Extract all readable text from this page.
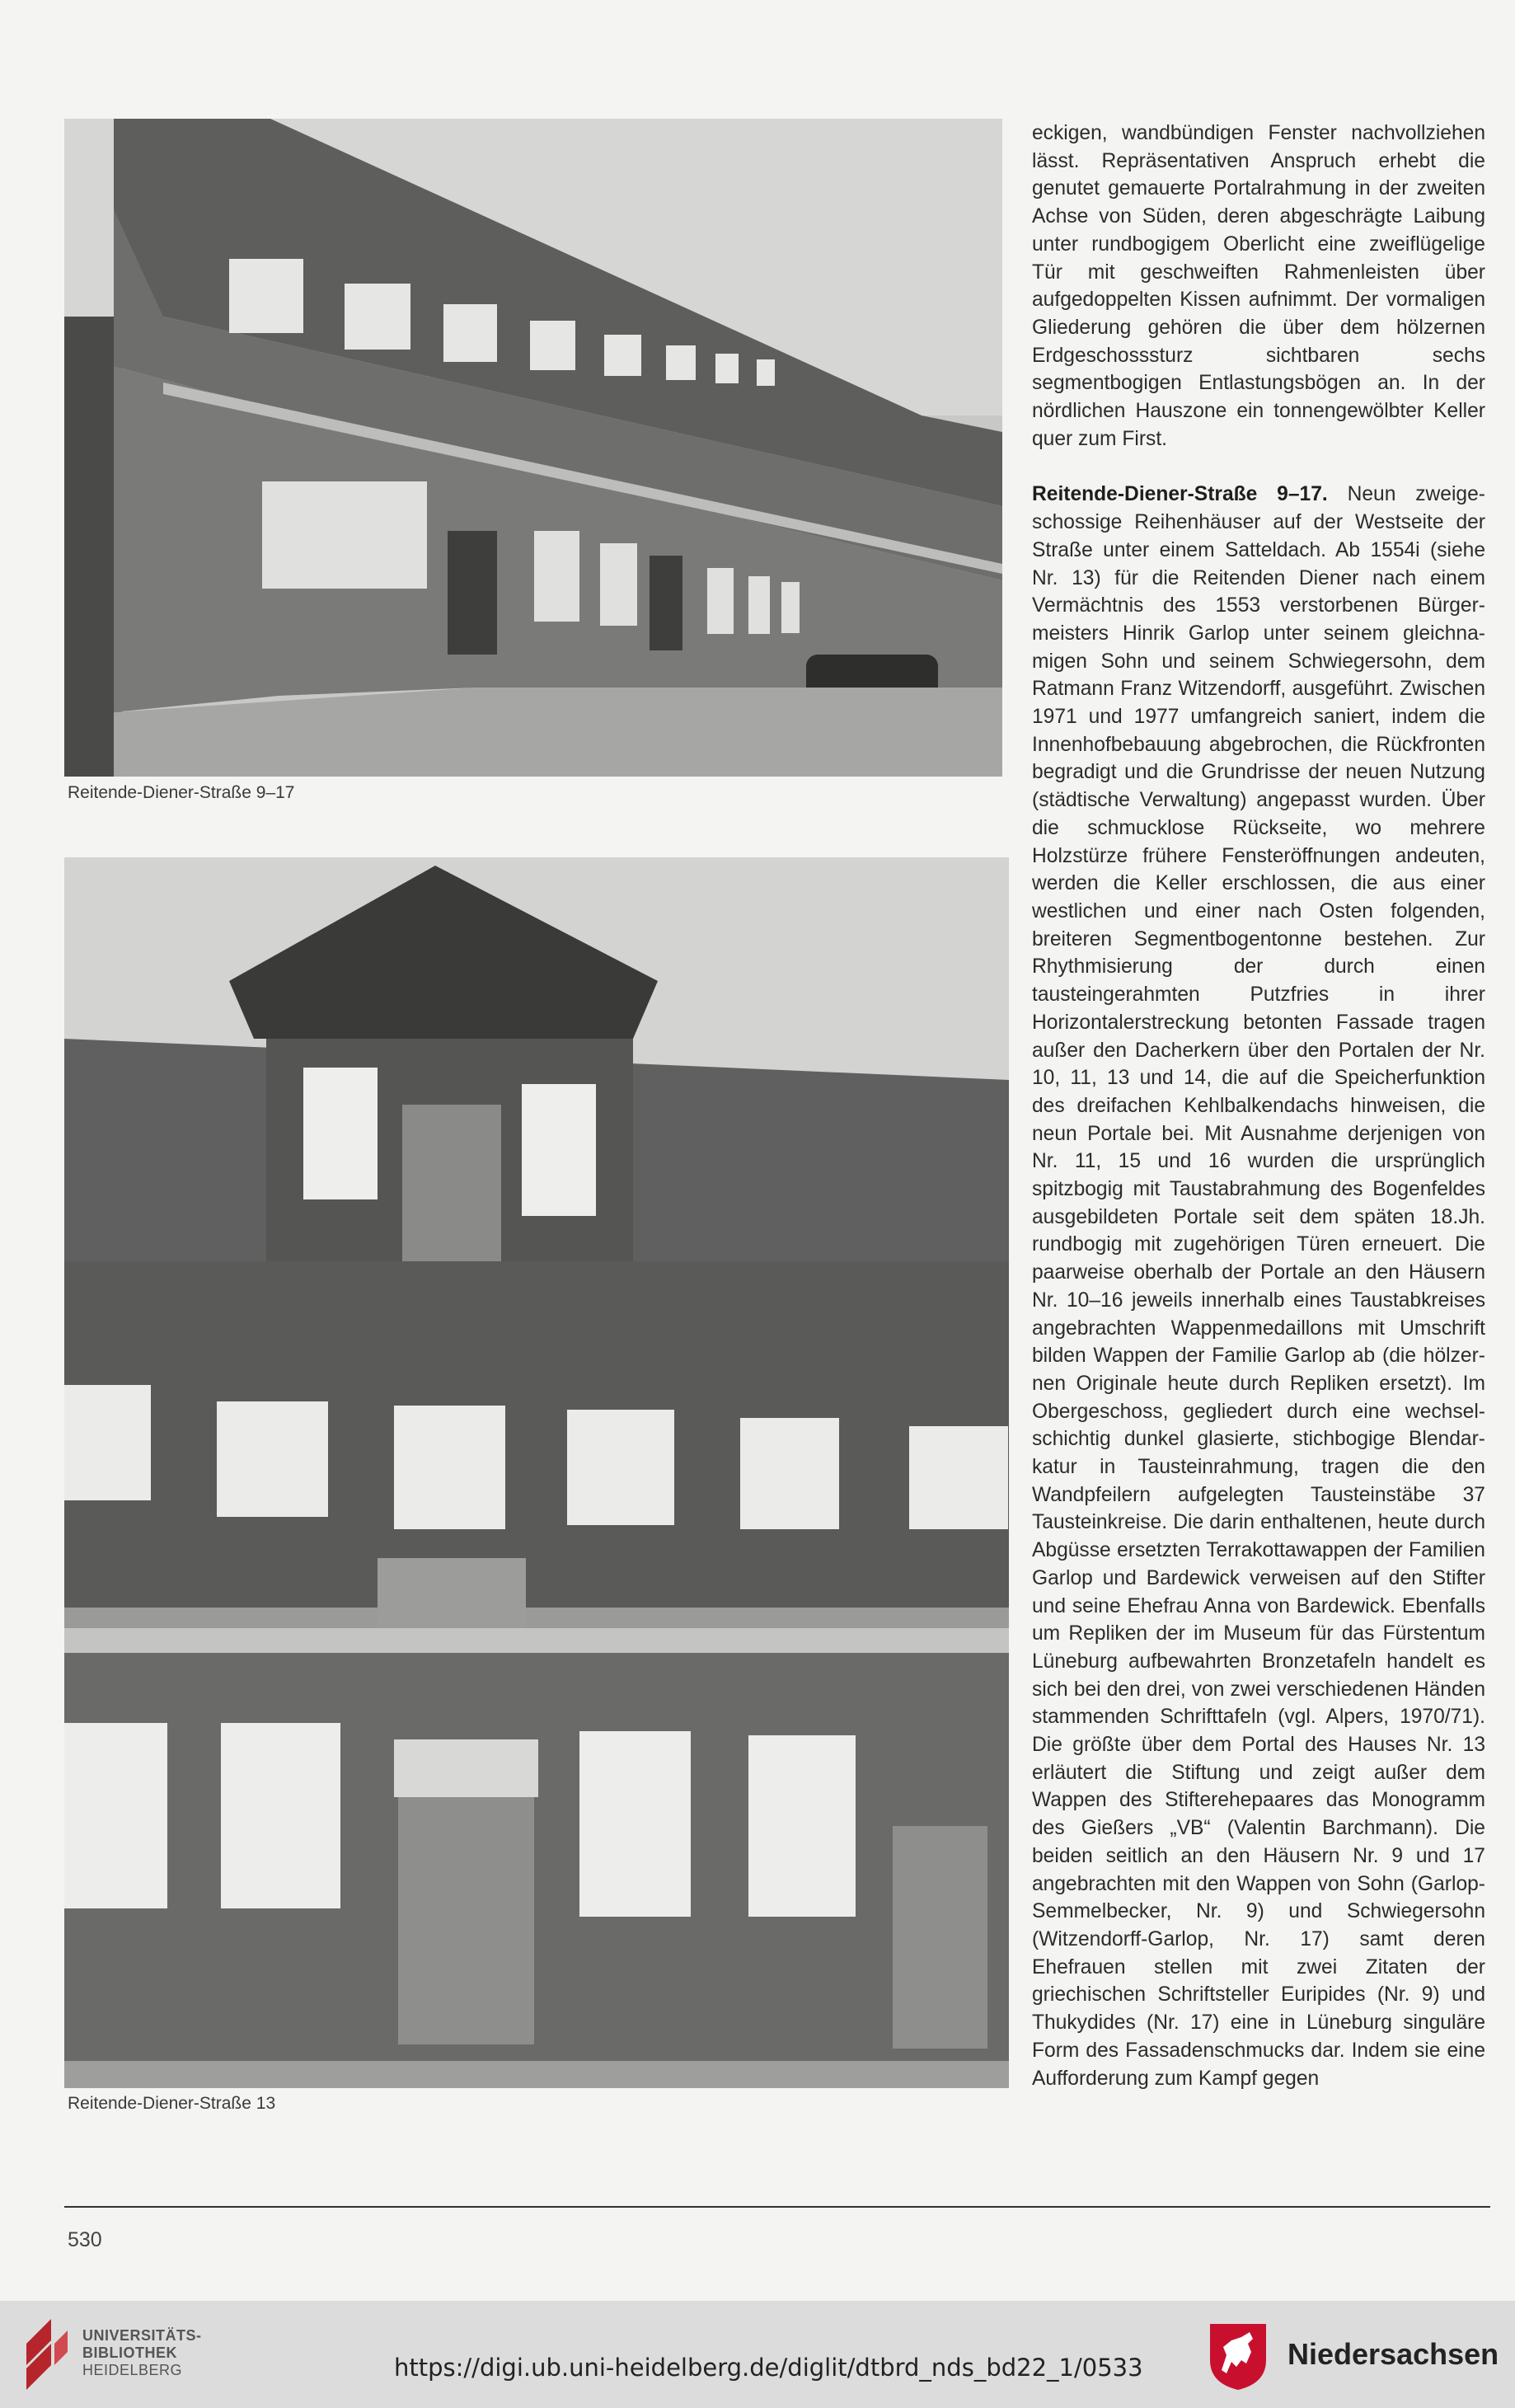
Reitende-Diener-Straße 9–17
Reitende-Diener-Straße 13

eckigen, wandbündigen Fenster nachvollziehen lässt. Repräsentativen Anspruch erhebt die genutet gemauerte Portalrahmung in der zweiten Achse von Süden, deren abgeschrägte Laibung unter rundbogigem Oberlicht eine zweiflügelige Tür mit geschweiften Rahmenleisten über aufgedoppelten Kissen aufnimmt. Der vormaligen Gliederung gehören die über dem hölzernen Erdgeschosssturz sichtbaren sechs segmentbogigen Entlastungsbögen an. In der nördlichen Hauszone ein tonnengewölbter Keller quer zum First.

Reitende-Diener-Straße 9–17. Neun zweigeschossige Reihenhäuser auf der Westseite der Straße unter einem Satteldach. Ab 1554i (siehe Nr. 13) für die Reitenden Diener nach einem Vermächtnis des 1553 verstorbenen Bürgermeisters Hinrik Garlop unter seinem gleichnamigen Sohn und seinem Schwiegersohn, dem Ratmann Franz Witzendorff, ausgeführt. Zwischen 1971 und 1977 umfangreich saniert, indem die Innenhofbebauung abgebrochen, die Rückfronten begradigt und die Grundrisse der neuen Nutzung (städtische Verwaltung) angepasst wurden. Über die schmucklose Rückseite, wo mehrere Holzstürze frühere Fensteröffnungen andeuten, werden die Keller erschlossen, die aus einer westlichen und einer nach Osten folgenden, breiteren Segmentbogentonne bestehen. Zur Rhythmisierung der durch einen tausteingerahmten Putzfries in ihrer Horizontalerstreckung betonten Fassade tragen außer den Dacherkern über den Portalen der Nr. 10, 11, 13 und 14, die auf die Speicherfunktion des dreifachen Kehlbalkendachs hinweisen, die neun Portale bei. Mit Ausnahme derjenigen von Nr. 11, 15 und 16 wurden die ursprünglich spitzbogig mit Taustabrahmung des Bogenfeldes ausgebildeten Portale seit dem späten 18.Jh. rundbogig mit zugehörigen Türen erneuert. Die paarweise oberhalb der Portale an den Häusern Nr. 10–16 jeweils innerhalb eines Taustabkreises angebrachten Wappenmedaillons mit Umschrift bilden Wappen der Familie Garlop ab (die hölzernen Originale heute durch Repliken ersetzt). Im Obergeschoss, gegliedert durch eine wechselschichtig dunkel glasierte, stichbogige Blendarkatur in Tausteinrahmung, tragen die den Wandpfeilern aufgelegten Tausteinstäbe 37 Tausteinkreise. Die darin enthaltenen, heute durch Abgüsse ersetzten Terrakottawappen der Familien Garlop und Bardewick verweisen auf den Stifter und seine Ehefrau Anna von Bardewick. Ebenfalls um Repliken der im Museum für das Fürstentum Lüneburg aufbewahrten Bronzetafeln handelt es sich bei den drei, von zwei verschiedenen Händen stammenden Schrifttafeln (vgl. Alpers, 1970/71). Die größte über dem Portal des Hauses Nr. 13 erläutert die Stiftung und zeigt außer dem Wappen des Stifterehepaares das Monogramm des Gießers „VB“ (Valentin Barchmann). Die beiden seitlich an den Häusern Nr. 9 und 17 angebrachten mit den Wappen von Sohn (Garlop-Semmelbecker, Nr. 9) und Schwiegersohn (Witzendorff-Garlop, Nr. 17) samt deren Ehefrauen stellen mit zwei Zitaten der griechischen Schriftsteller Euripides (Nr. 9) und Thukydides (Nr. 17) eine in Lüneburg singuläre Form des Fassadenschmucks dar. Indem sie eine Aufforderung zum Kampf gegen

530
UNIVERSITÄTS-
BIBLIOTHEK
HEIDELBERG	https://digi.ub.uni-heidelberg.de/diglit/dtbrd_nds_bd22_1/0533	Niedersachsen
